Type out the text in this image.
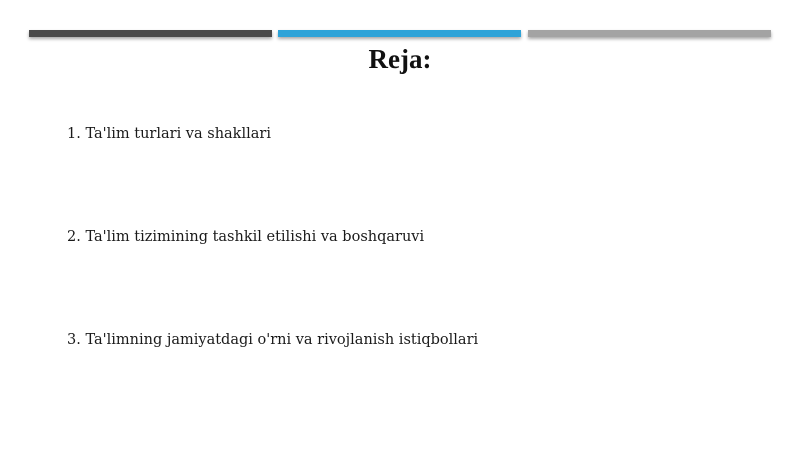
Reja:
1. Ta'lim turlari va shakllari
2. Ta'lim tizimining tashkil etilishi va boshqaruvi
3. Ta'limning jamiyatdagi o'rni va rivojlanish istiqbollari
